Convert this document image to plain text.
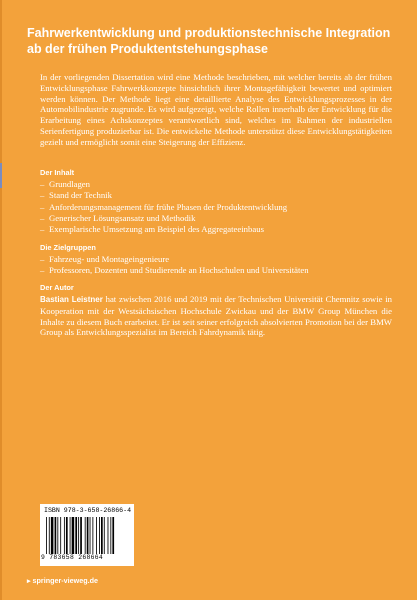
Fahrwerkentwicklung und produktionstechnische Integration ab der frühen Produktentstehungsphase
In der vorliegenden Dissertation wird eine Methode beschrieben, mit welcher bereits ab der frühen Entwicklungsphase Fahrwerkkonzepte hinsichtlich ihrer Montagefähigkeit bewertet und optimiert werden können. Der Methode liegt eine detaillierte Analyse des Entwicklungsprozesses in der Automobilindustrie zugrunde. Es wird aufgezeigt, welche Rollen innerhalb der Entwicklung für die Erarbeitung eines Achskonzeptes verantwortlich sind, welches im Rahmen der industriellen Serienfertigung produzierbar ist. Die entwickelte Methode unterstützt diese Entwicklungstätigkeiten gezielt und ermöglicht somit eine Steigerung der Effizienz.
Der Inhalt
– Grundlagen
– Stand der Technik
– Anforderungsmanagement für frühe Phasen der Produktentwicklung
– Generischer Lösungsansatz und Methodik
– Exemplarische Umsetzung am Beispiel des Aggregateeinbaus
Die Zielgruppen
– Fahrzeug- und Montageingenieure
– Professoren, Dozenten und Studierende an Hochschulen und Universitäten
Der Autor
Bastian Leistner hat zwischen 2016 und 2019 mit der Technischen Universität Chemnitz sowie in Kooperation mit der Westsächsischen Hochschule Zwickau und der BMW Group München die Inhalte zu diesem Buch erarbeitet. Er ist seit seiner erfolgreich absolvierten Promotion bei der BMW Group als Entwicklungsspezialist im Bereich Fahrdynamik tätig.
ISBN 978-3-658-26866-4
9 783658 268664
▸ springer-vieweg.de
